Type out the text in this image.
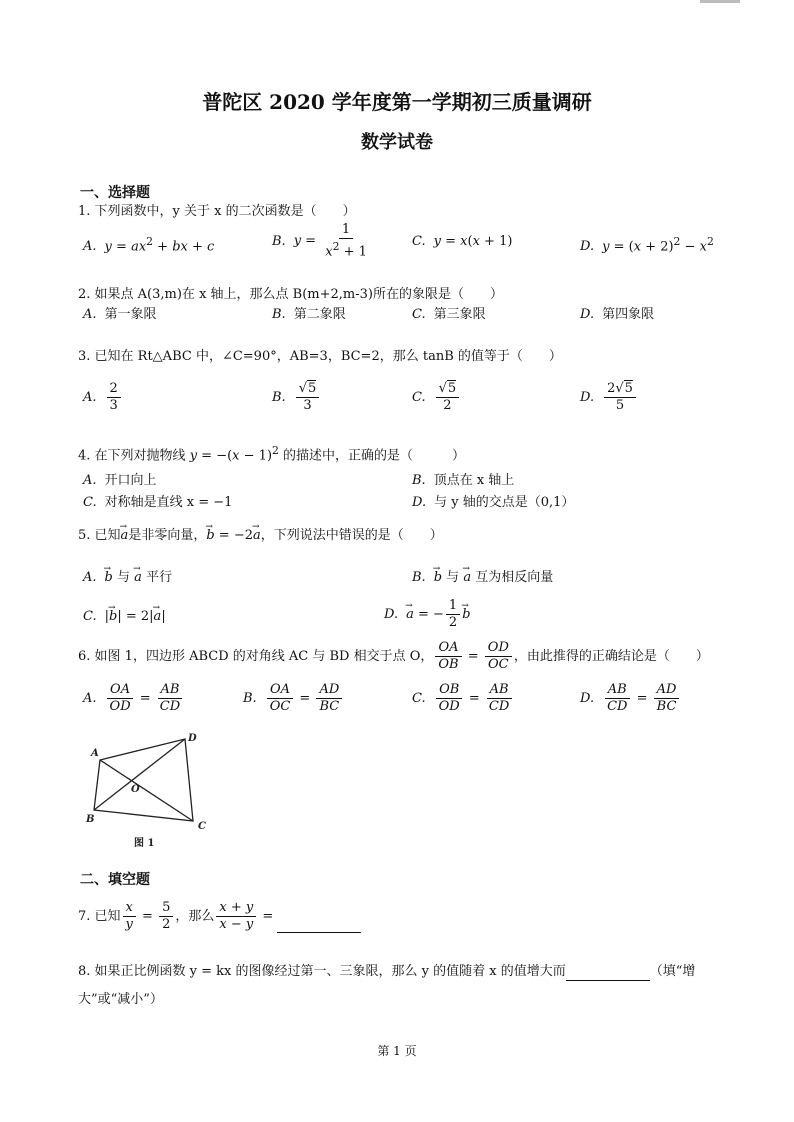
普陀区 2020 学年度第一学期初三质量调研
数学试卷
一、选择题
1. 下列函数中，y 关于 x 的二次函数是（　　）
A. $y = ax^2$ + bx + c	B. $y = \frac{1}{x^2 + 1}$	C. y = x(x + 1)	D. $y = (x + 2)^2 - x^2$
2. 如果点 A(3,m)在 x 轴上，那么点 B(m+2,m-3)所在的象限是（　　）
A. 第一象限	B. 第二象限	C. 第三象限	D. 第四象限
3. 已知在 Rt△ABC 中，∠C=90°，AB=3，BC=2，那么 tanB 的值等于（　　）
A. $\frac{2}{3}$	B. $\frac{√5}{3}$	C. $\frac{√5}{2}$	D. $\frac{2√5}{5}$
4. 在下列对抛物线 $y = -(x - 1)^2$ 的描述中，正确的是（　　　）
A. 开口向上	B. 顶点在 x 轴上
C. 对称轴是直线 x = −1	D. 与 y 轴的交点是（0,1）
5. 已知→ a是非零向量，→ b = −2→ a，下列说法中错误的是（　　）
A.→ b 与 → a 平行	B.→ b 与 → a 互为相反向量
C. |→ b| = 2|→ a|	D.→ a = − $\frac{1}{2}$
→ b
6. 如图 1，四边形 ABCD 的对角线 AC 与 BD 相交于点 O， $\frac{OA}{OB} = \frac{OD}{OC}$ ，由此推得的正确结论是（　　）
A. $\frac{OA}{OD} = \frac{AB}{CD}$	B. $\frac{OA}{OC} = \frac{AD}{BC}$	C. $\frac{OB}{OD} = \frac{AB}{CD}$	D. $\frac{AB}{CD} = \frac{AD}{BC}$
A
D
B
C
O
图 1
二、填空题
7. 已知 $\frac{x}{y} = \frac{5}{2}$ ，那么 $\frac{x + y}{x - y}$ =
8. 如果正比例函数 y = kx 的图像经过第一、三象限，那么 y 的值随着 x 的值增大而	（填“增
大”或“减小”）
第 1 页
